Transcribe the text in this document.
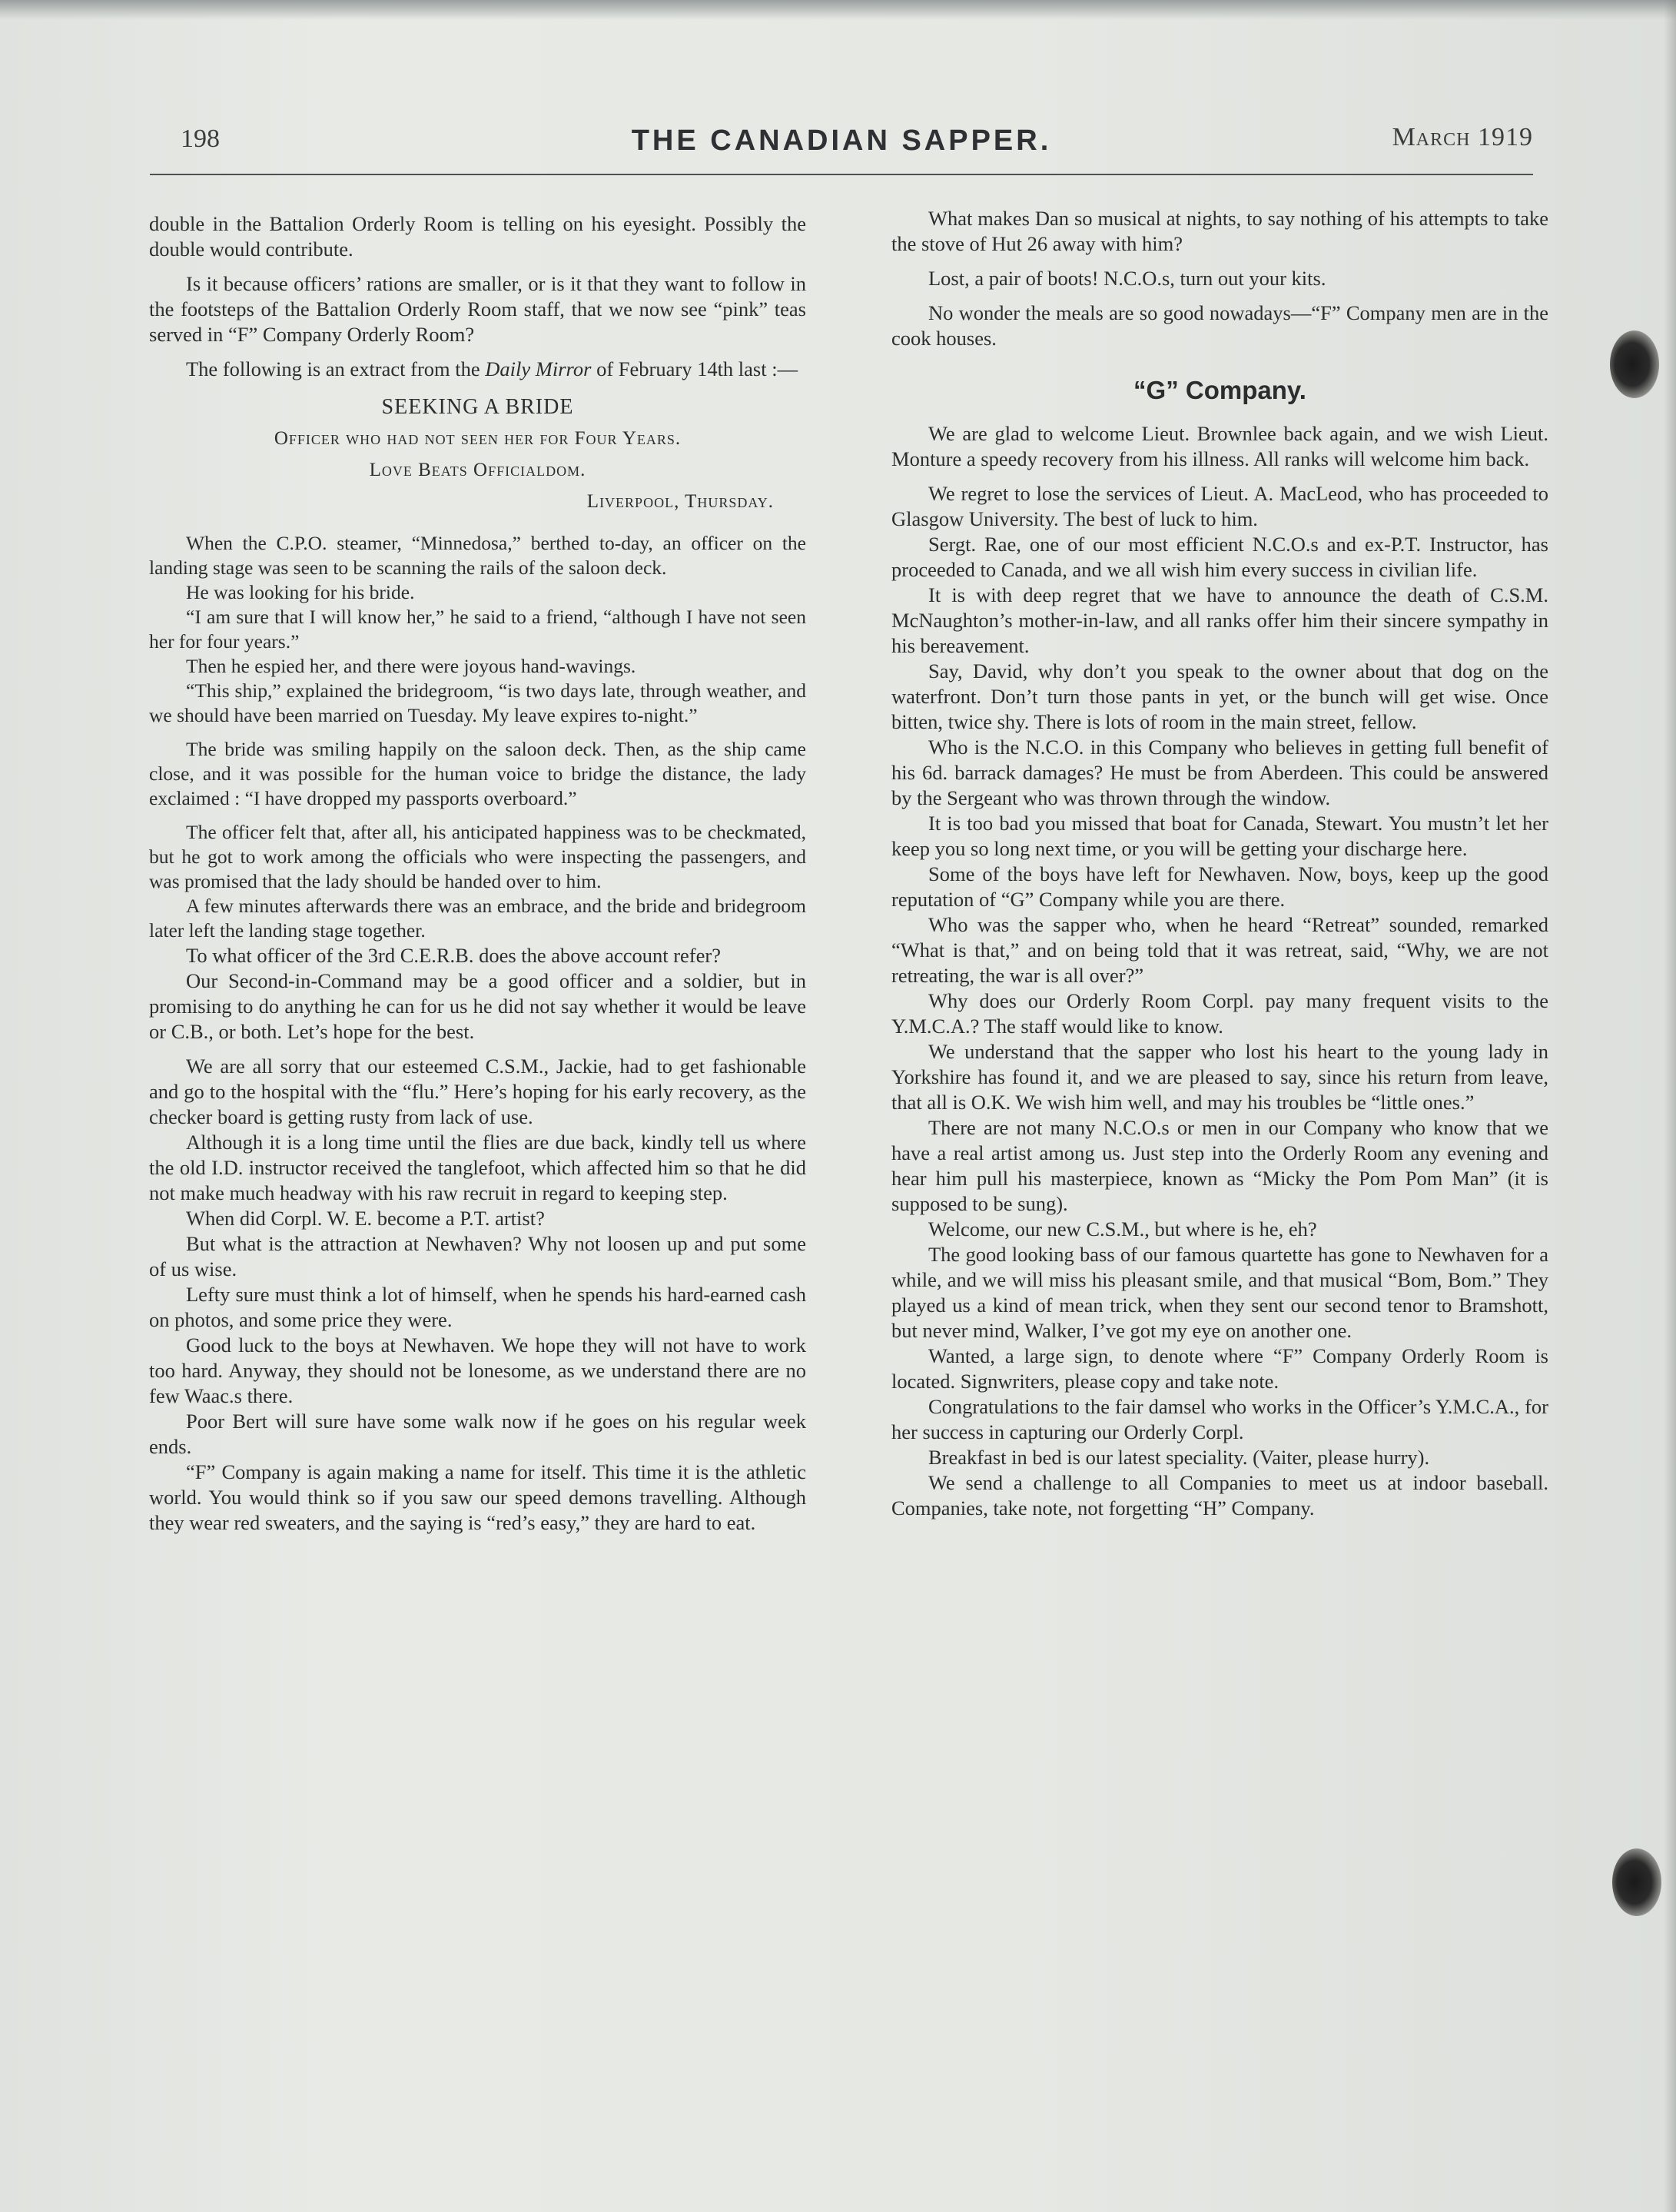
198	THE CANADIAN SAPPER.	March 1919

double in the Battalion Orderly Room is telling on his eyesight. Possibly the double would contribute.

Is it because officers’ rations are smaller, or is it that they want to follow in the footsteps of the Battalion Orderly Room staff, that we now see “pink” teas served in “F” Company Orderly Room?

The following is an extract from the Daily Mirror of February 14th last :—

SEEKING A BRIDE

Officer who had not seen her for Four Years.

Love Beats Officialdom.

Liverpool, Thursday.

When the C.P.O. steamer, “Minnedosa,” berthed to-day, an officer on the landing stage was seen to be scanning the rails of the saloon deck.

He was looking for his bride.

“I am sure that I will know her,” he said to a friend, “although I have not seen her for four years.”

Then he espied her, and there were joyous hand-wavings.

“This ship,” explained the bridegroom, “is two days late, through weather, and we should have been married on Tuesday. My leave expires to-night.”

The bride was smiling happily on the saloon deck. Then, as the ship came close, and it was possible for the human voice to bridge the distance, the lady exclaimed : “I have dropped my passports overboard.”

The officer felt that, after all, his anticipated happiness was to be checkmated, but he got to work among the officials who were inspecting the passengers, and was promised that the lady should be handed over to him.

A few minutes afterwards there was an embrace, and the bride and bridegroom later left the landing stage together.

To what officer of the 3rd C.E.R.B. does the above account refer?

Our Second-in-Command may be a good officer and a soldier, but in promising to do anything he can for us he did not say whether it would be leave or C.B., or both. Let’s hope for the best.

We are all sorry that our esteemed C.S.M., Jackie, had to get fashionable and go to the hospital with the “flu.” Here’s hoping for his early recovery, as the checker board is getting rusty from lack of use.

Although it is a long time until the flies are due back, kindly tell us where the old I.D. instructor received the tanglefoot, which affected him so that he did not make much headway with his raw recruit in regard to keeping step.

When did Corpl. W. E. become a P.T. artist?

But what is the attraction at Newhaven? Why not loosen up and put some of us wise.

Lefty sure must think a lot of himself, when he spends his hard-earned cash on photos, and some price they were.

Good luck to the boys at Newhaven. We hope they will not have to work too hard. Anyway, they should not be lonesome, as we understand there are no few Waac.s there.

Poor Bert will sure have some walk now if he goes on his regular week ends.

“F” Company is again making a name for itself. This time it is the athletic world. You would think so if you saw our speed demons travelling. Although they wear red sweaters, and the saying is “red’s easy,” they are hard to eat.

What makes Dan so musical at nights, to say nothing of his attempts to take the stove of Hut 26 away with him?

Lost, a pair of boots! N.C.O.s, turn out your kits.

No wonder the meals are so good nowadays—“F” Company men are in the cook houses.

“G” Company.

We are glad to welcome Lieut. Brownlee back again, and we wish Lieut. Monture a speedy recovery from his illness. All ranks will welcome him back.

We regret to lose the services of Lieut. A. MacLeod, who has proceeded to Glasgow University. The best of luck to him.

Sergt. Rae, one of our most efficient N.C.O.s and ex-P.T. Instructor, has proceeded to Canada, and we all wish him every success in civilian life.

It is with deep regret that we have to announce the death of C.S.M. McNaughton’s mother-in-law, and all ranks offer him their sincere sympathy in his bereavement.

Say, David, why don’t you speak to the owner about that dog on the waterfront. Don’t turn those pants in yet, or the bunch will get wise. Once bitten, twice shy. There is lots of room in the main street, fellow.

Who is the N.C.O. in this Company who believes in getting full benefit of his 6d. barrack damages? He must be from Aberdeen. This could be answered by the Sergeant who was thrown through the window.

It is too bad you missed that boat for Canada, Stewart. You mustn’t let her keep you so long next time, or you will be getting your discharge here.

Some of the boys have left for Newhaven. Now, boys, keep up the good reputation of “G” Company while you are there.

Who was the sapper who, when he heard “Retreat” sounded, remarked “What is that,” and on being told that it was retreat, said, “Why, we are not retreating, the war is all over?”

Why does our Orderly Room Corpl. pay many frequent visits to the Y.M.C.A.? The staff would like to know.

We understand that the sapper who lost his heart to the young lady in Yorkshire has found it, and we are pleased to say, since his return from leave, that all is O.K. We wish him well, and may his troubles be “little ones.”

There are not many N.C.O.s or men in our Company who know that we have a real artist among us. Just step into the Orderly Room any evening and hear him pull his masterpiece, known as “Micky the Pom Pom Man” (it is supposed to be sung).

Welcome, our new C.S.M., but where is he, eh?

The good looking bass of our famous quartette has gone to Newhaven for a while, and we will miss his pleasant smile, and that musical “Bom, Bom.” They played us a kind of mean trick, when they sent our second tenor to Bramshott, but never mind, Walker, I’ve got my eye on another one.

Wanted, a large sign, to denote where “F” Company Orderly Room is located. Signwriters, please copy and take note.

Congratulations to the fair damsel who works in the Officer’s Y.M.C.A., for her success in capturing our Orderly Corpl.

Breakfast in bed is our latest speciality. (Vaiter, please hurry).

We send a challenge to all Companies to meet us at indoor baseball. Companies, take note, not forgetting “H” Company.
